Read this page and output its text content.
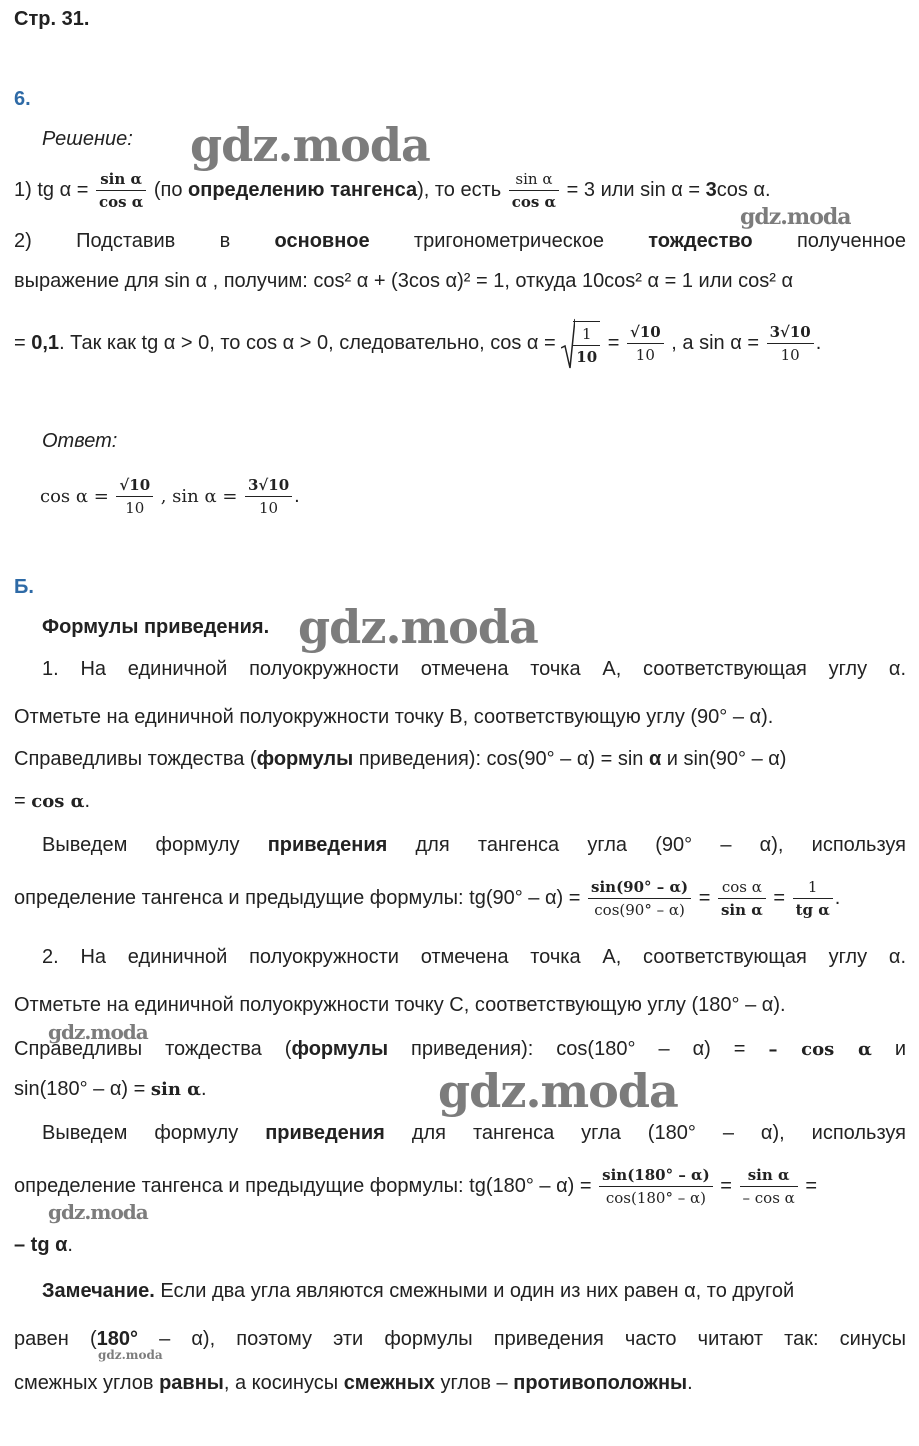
Стр. 31.
6.
Решение:
1) tg $\alpha = \frac{\text{sin α}}{\text{cos α}} (по$ определению тангенса), то есть $\frac{\text{sin α}}{\text{cos α}} = 3$ или sin α = 3cos α.
2) Подставив в основное тригонометрическое тождество полученное
выражение для sin α , получим: cos² α + (3cos α)² = 1, откуда 10cos² α = 1 или cos² α
= 0,1. Так как tg α > 0, то cos α > 0, следовательно, $\cos \alpha = \frac{1}{10} = \frac{√10}{10}$ , а $\sin \alpha = \frac{3√10}{10}$ .
Ответ:
$\cos \alpha = \frac{√10}{10}$ , $\sin \alpha = \frac{3√10}{10}$ .
Б.
Формулы приведения.
1. На единичной полуокружности отмечена точка А, соответствующая углу α.
Отметьте на единичной полуокружности точку В, соответствующую углу (90° – α).
Справедливы тождества (формулы приведения): cos(90° – α) = sin α и sin(90° – α)
= cos α.
Выведем формулу приведения для тангенса угла (90° – α), используя
определение тангенса и предыдущие формулы: $tg(90^\circ - \alpha) = \frac{\sin(90^\circ - \alpha)}{\cos(90^\circ - \alpha)} = \frac{\text{cos α}}{\text{sin α}} = \frac{1}{\text{tg α}}$ .
2. На единичной полуокружности отмечена точка А, соответствующая углу α.
Отметьте на единичной полуокружности точку С, соответствующую углу (180° – α).
Справедливы тождества (формулы приведения): cos(180° – α) = – cos α и
sin(180° – α) = sin α.
Выведем формулу приведения для тангенса угла (180° – α), используя
определение тангенса и предыдущие формулы: $tg(180^\circ - \alpha) = \frac{\sin(180^\circ - \alpha)}{\cos(180^\circ - \alpha)} = \frac{\text{sin α}}{\text{– cos α}}$ =
– tg α.
Замечание. Если два угла являются смежными и один из них равен α, то другой
равен (180° – α), поэтому эти формулы приведения часто читают так: синусы
смежных углов равны, а косинусы смежных углов – противоположны.
gdz.moda
gdz.moda
gdz.moda
gdz.moda
gdz.moda
gdz.moda
gdz.moda
